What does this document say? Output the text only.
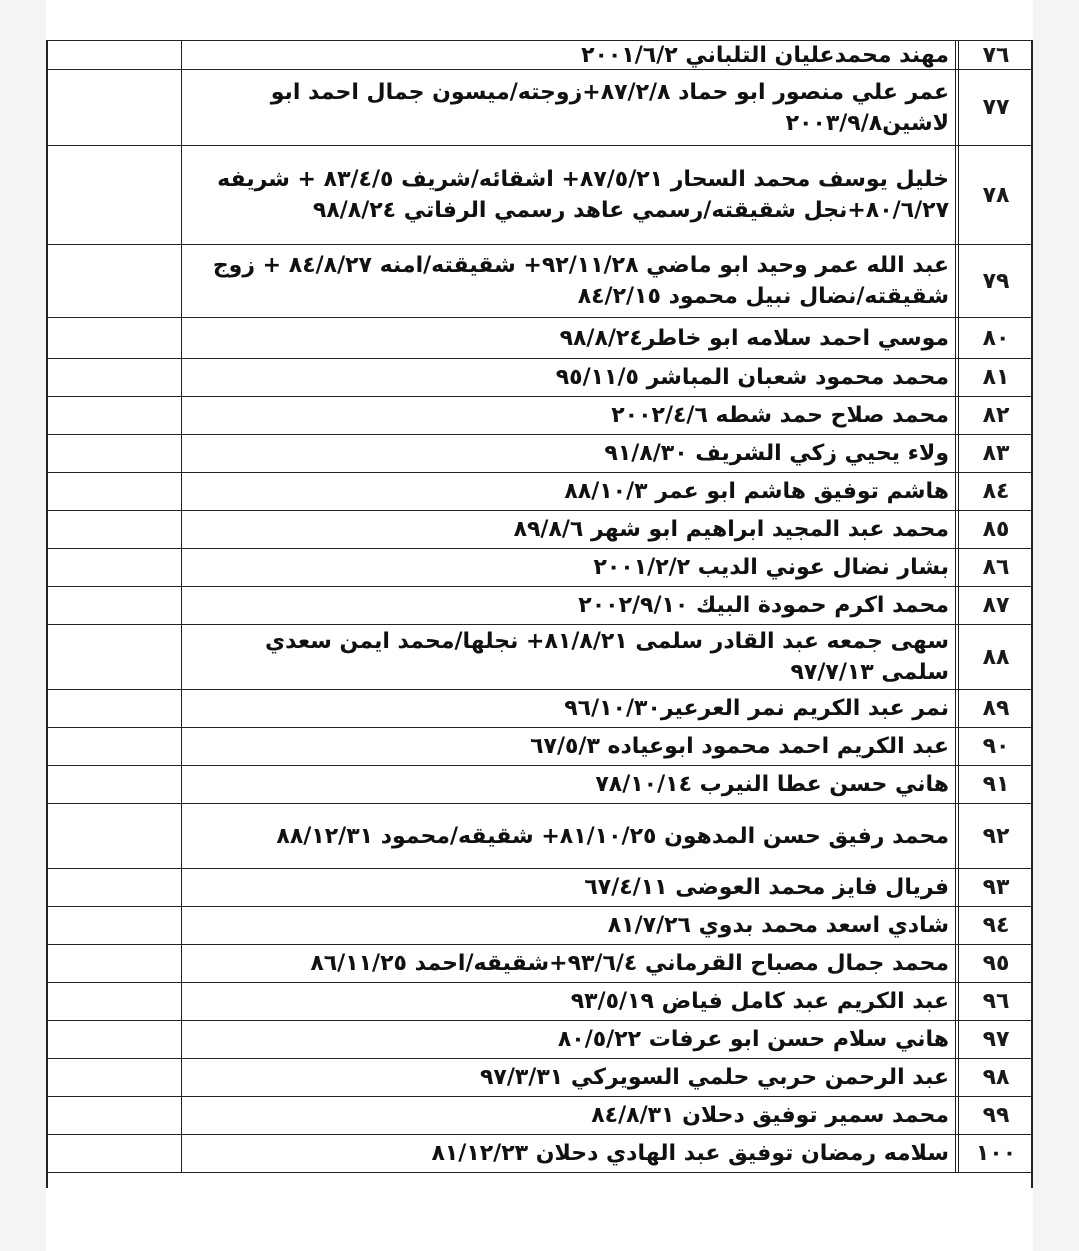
٧٦
مهند محمدعليان التلباني ٢٠٠١/٦/٢
٧٧
عمر علي منصور ابو حماد ٨٧/٢/٨+زوجته/ميسون جمال احمد ابو لاشين٢٠٠٣/٩/٨
٧٨
خليل يوسف محمد السحار ٨٧/٥/٢١+ اشقائه/شريف ٨٣/٤/٥ + شريفه ٨٠/٦/٢٧+نجل شقيقته/رسمي عاهد رسمي الرفاتي ٩٨/٨/٢٤
٧٩
عبد الله عمر وحيد ابو ماضي ٩٢/١١/٢٨+ شقيقته/امنه ٨٤/٨/٢٧ + زوج شقيقته/نضال نبيل محمود ٨٤/٢/١٥
٨٠
موسي احمد سلامه ابو خاطر٩٨/٨/٢٤
٨١
محمد محمود شعبان المباشر ٩٥/١١/٥
٨٢
محمد صلاح حمد شطه ٢٠٠٢/٤/٦
٨٣
ولاء يحيي زكي الشريف ٩١/٨/٣٠
٨٤
هاشم توفيق هاشم ابو عمر ٨٨/١٠/٣
٨٥
محمد عبد المجيد ابراهيم ابو شهر ٨٩/٨/٦
٨٦
بشار نضال عوني الديب ٢٠٠١/٢/٢
٨٧
محمد اكرم حمودة البيك ٢٠٠٢/٩/١٠
٨٨
سهى جمعه عبد القادر سلمى ٨١/٨/٢١+ نجلها/محمد ايمن سعدي سلمى ٩٧/٧/١٣
٨٩
نمر عبد الكريم نمر العرعير٩٦/١٠/٣٠
٩٠
عبد الكريم احمد محمود ابوعياده ٦٧/٥/٣
٩١
هاني حسن عطا النيرب ٧٨/١٠/١٤
٩٢
محمد رفيق حسن المدهون ٨١/١٠/٢٥+ شقيقه/محمود ٨٨/١٢/٣١
٩٣
فريال فايز محمد العوضى ٦٧/٤/١١
٩٤
شادي اسعد محمد بدوي ٨١/٧/٢٦
٩٥
محمد جمال مصباح القرماني ٩٣/٦/٤+شقيقه/احمد ٨٦/١١/٢٥
٩٦
عبد الكريم عبد كامل فياض ٩٣/٥/١٩
٩٧
هاني سلام حسن ابو عرفات ٨٠/٥/٢٢
٩٨
عبد الرحمن حربي حلمي السويركي ٩٧/٣/٣١
٩٩
محمد سمير توفيق دحلان ٨٤/٨/٣١
١٠٠
سلامه رمضان توفيق عبد الهادي دحلان ٨١/١٢/٢٣
